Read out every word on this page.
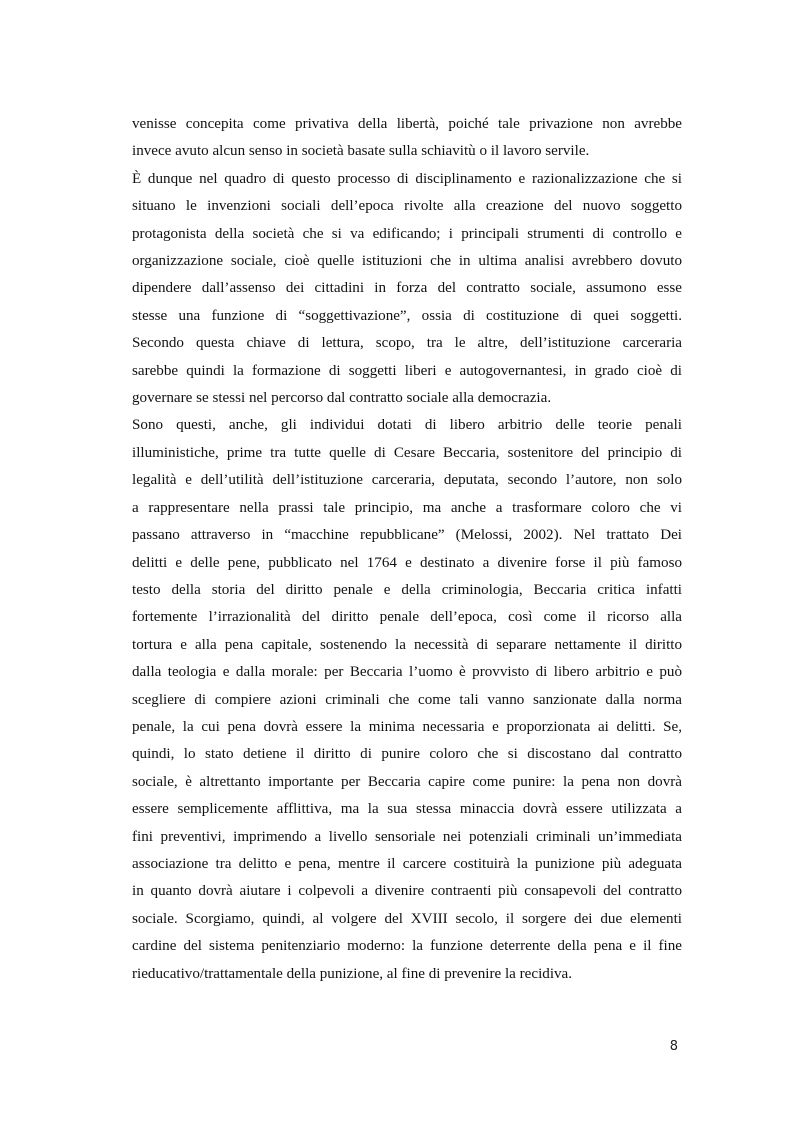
venisse concepita come privativa della libertà, poiché tale privazione non avrebbe
invece avuto alcun senso in società basate sulla schiavitù o il lavoro servile.
È dunque nel quadro di questo processo di disciplinamento e razionalizzazione che si
situano le invenzioni sociali dell’epoca rivolte alla creazione del nuovo soggetto
protagonista della società che si va edificando; i principali strumenti di controllo e
organizzazione sociale, cioè quelle istituzioni che in ultima analisi avrebbero dovuto
dipendere dall’assenso dei cittadini in forza del contratto sociale, assumono esse
stesse una funzione di “soggettivazione”, ossia di costituzione di quei soggetti.
Secondo questa chiave di lettura, scopo, tra le altre, dell’istituzione carceraria
sarebbe quindi la formazione di soggetti liberi e autogovernantesi, in grado cioè di
governare se stessi nel percorso dal contratto sociale alla democrazia.
Sono questi, anche, gli individui dotati di libero arbitrio delle teorie penali
illuministiche, prime tra tutte quelle di Cesare Beccaria, sostenitore del principio di
legalità e dell’utilità dell’istituzione carceraria, deputata, secondo l’autore, non solo
a rappresentare nella prassi tale principio, ma anche a trasformare coloro che vi
passano attraverso in “macchine repubblicane” (Melossi, 2002). Nel trattato Dei
delitti e delle pene, pubblicato nel 1764 e destinato a divenire forse il più famoso
testo della storia del diritto penale e della criminologia, Beccaria critica infatti
fortemente l’irrazionalità del diritto penale dell’epoca, così come il ricorso alla
tortura e alla pena capitale, sostenendo la necessità di separare nettamente il diritto
dalla teologia e dalla morale: per Beccaria l’uomo è provvisto di libero arbitrio e può
scegliere di compiere azioni criminali che come tali vanno sanzionate dalla norma
penale, la cui pena dovrà essere la minima necessaria e proporzionata ai delitti. Se,
quindi, lo stato detiene il diritto di punire coloro che si discostano dal contratto
sociale, è altrettanto importante per Beccaria capire come punire: la pena non dovrà
essere semplicemente afflittiva, ma la sua stessa minaccia dovrà essere utilizzata a
fini preventivi, imprimendo a livello sensoriale nei potenziali criminali un’immediata
associazione tra delitto e pena, mentre il carcere costituirà la punizione più adeguata
in quanto dovrà aiutare i colpevoli a divenire contraenti più consapevoli del contratto
sociale. Scorgiamo, quindi, al volgere del XVIII secolo, il sorgere dei due elementi
cardine del sistema penitenziario moderno: la funzione deterrente della pena e il fine
rieducativo/trattamentale della punizione, al fine di prevenire la recidiva.
8
